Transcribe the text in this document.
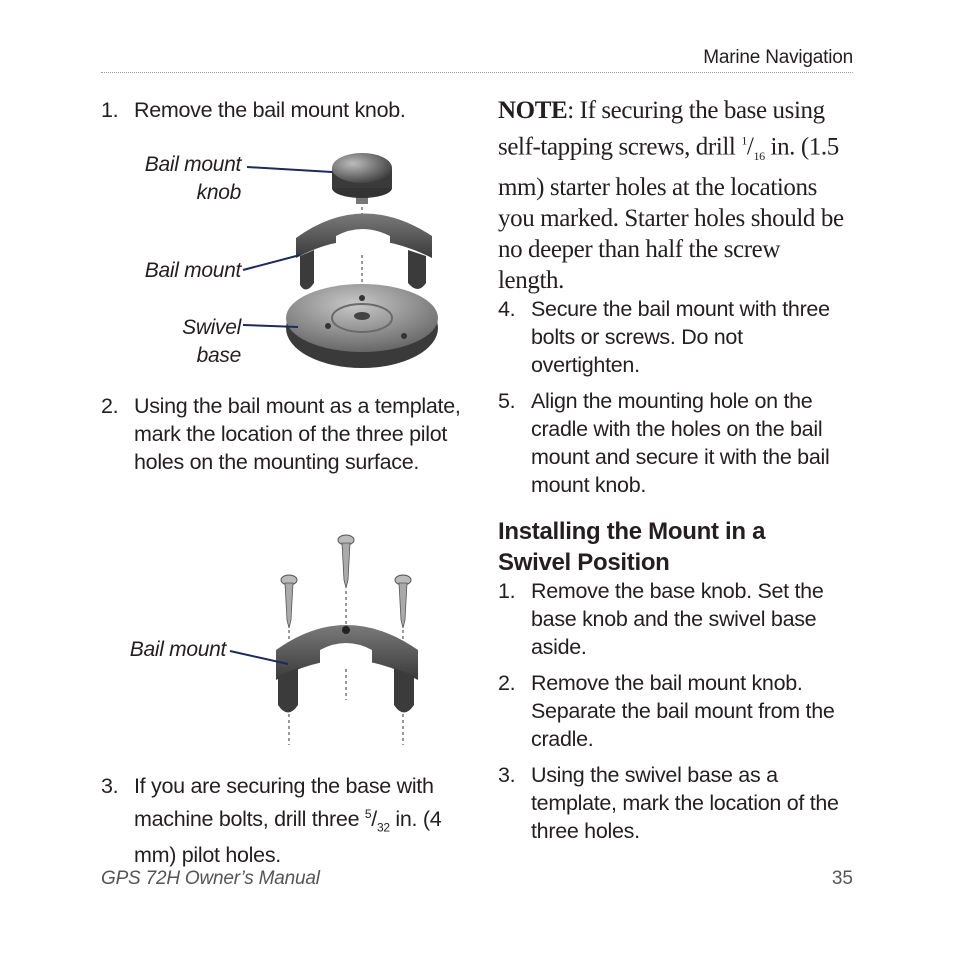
Marine Navigation
1. Remove the bail mount knob.
Bail mount
knob
Bail mount
Swivel
base
2. Using the bail mount as a template, mark the location of the three pilot holes on the mounting surface.
Bail mount
3. If you are securing the base with machine bolts, drill three $^5/_{32}$ in. (4 mm) pilot holes.
NOTE: If securing the base using self-tapping screws, drill $^1/_{16}$ in. (1.5 mm) starter holes at the locations you marked. Starter holes should be no deeper than half the screw length.
4. Secure the bail mount with three bolts or screws. Do not overtighten.
5. Align the mounting hole on the cradle with the holes on the bail mount and secure it with the bail mount knob.
Installing the Mount in a Swivel Position
1. Remove the base knob. Set the base knob and the swivel base aside.
2. Remove the bail mount knob. Separate the bail mount from the cradle.
3. Using the swivel base as a template, mark the location of the three holes.
GPS 72H Owner’s Manual	35
